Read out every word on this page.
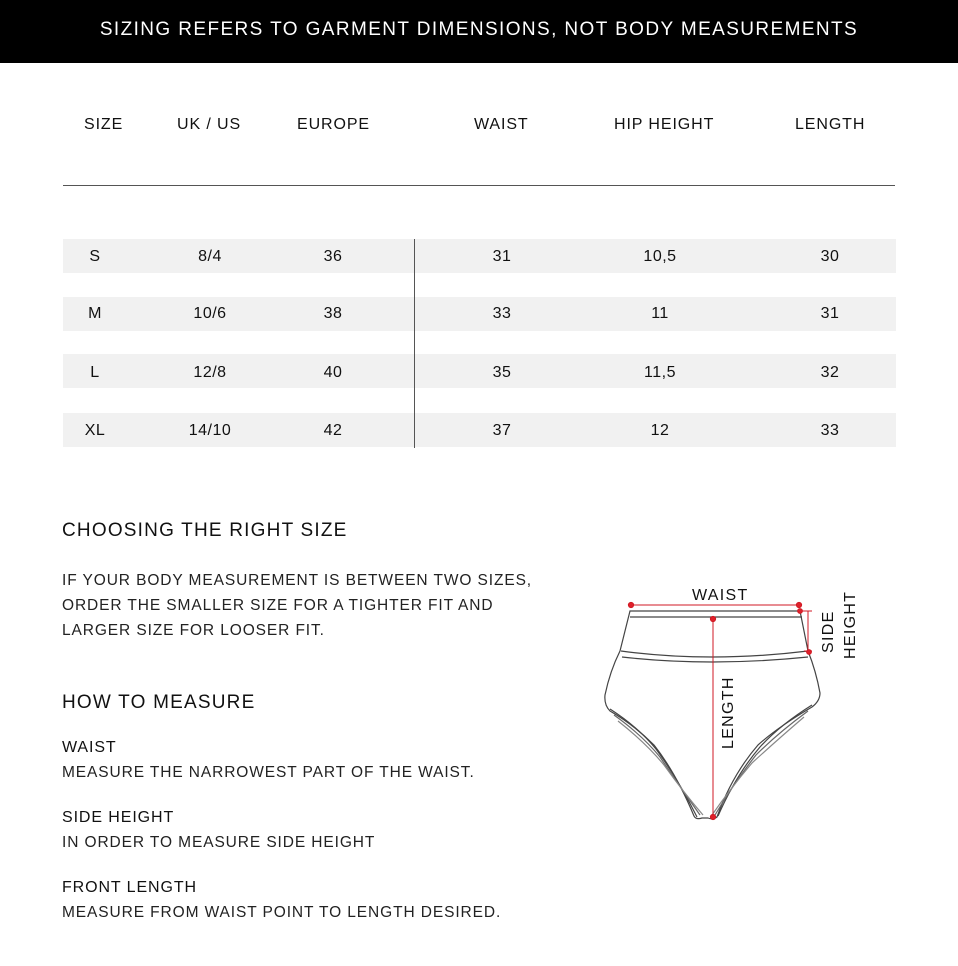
SIZING REFERS TO GARMENT DIMENSIONS, NOT BODY MEASUREMENTS
SIZE	UK / US	EUROPE	WAIST	HIP HEIGHT	LENGTH
S	8/4	36	31	10,5	30
M	10/6	38	33	11	31
L	12/8	40	35	11,5	32
XL	14/10	42	37	12	33
CHOOSING THE RIGHT SIZE
IF YOUR BODY MEASUREMENT IS BETWEEN TWO SIZES,
ORDER THE SMALLER SIZE FOR A TIGHTER FIT AND
LARGER SIZE FOR LOOSER FIT.
HOW TO MEASURE
WAIST
MEASURE THE NARROWEST PART OF THE WAIST.
SIDE HEIGHT
IN ORDER TO MEASURE SIDE HEIGHT
FRONT LENGTH
MEASURE FROM WAIST POINT TO LENGTH DESIRED.
WAIST
SIDE HEIGHT
LENGTH
